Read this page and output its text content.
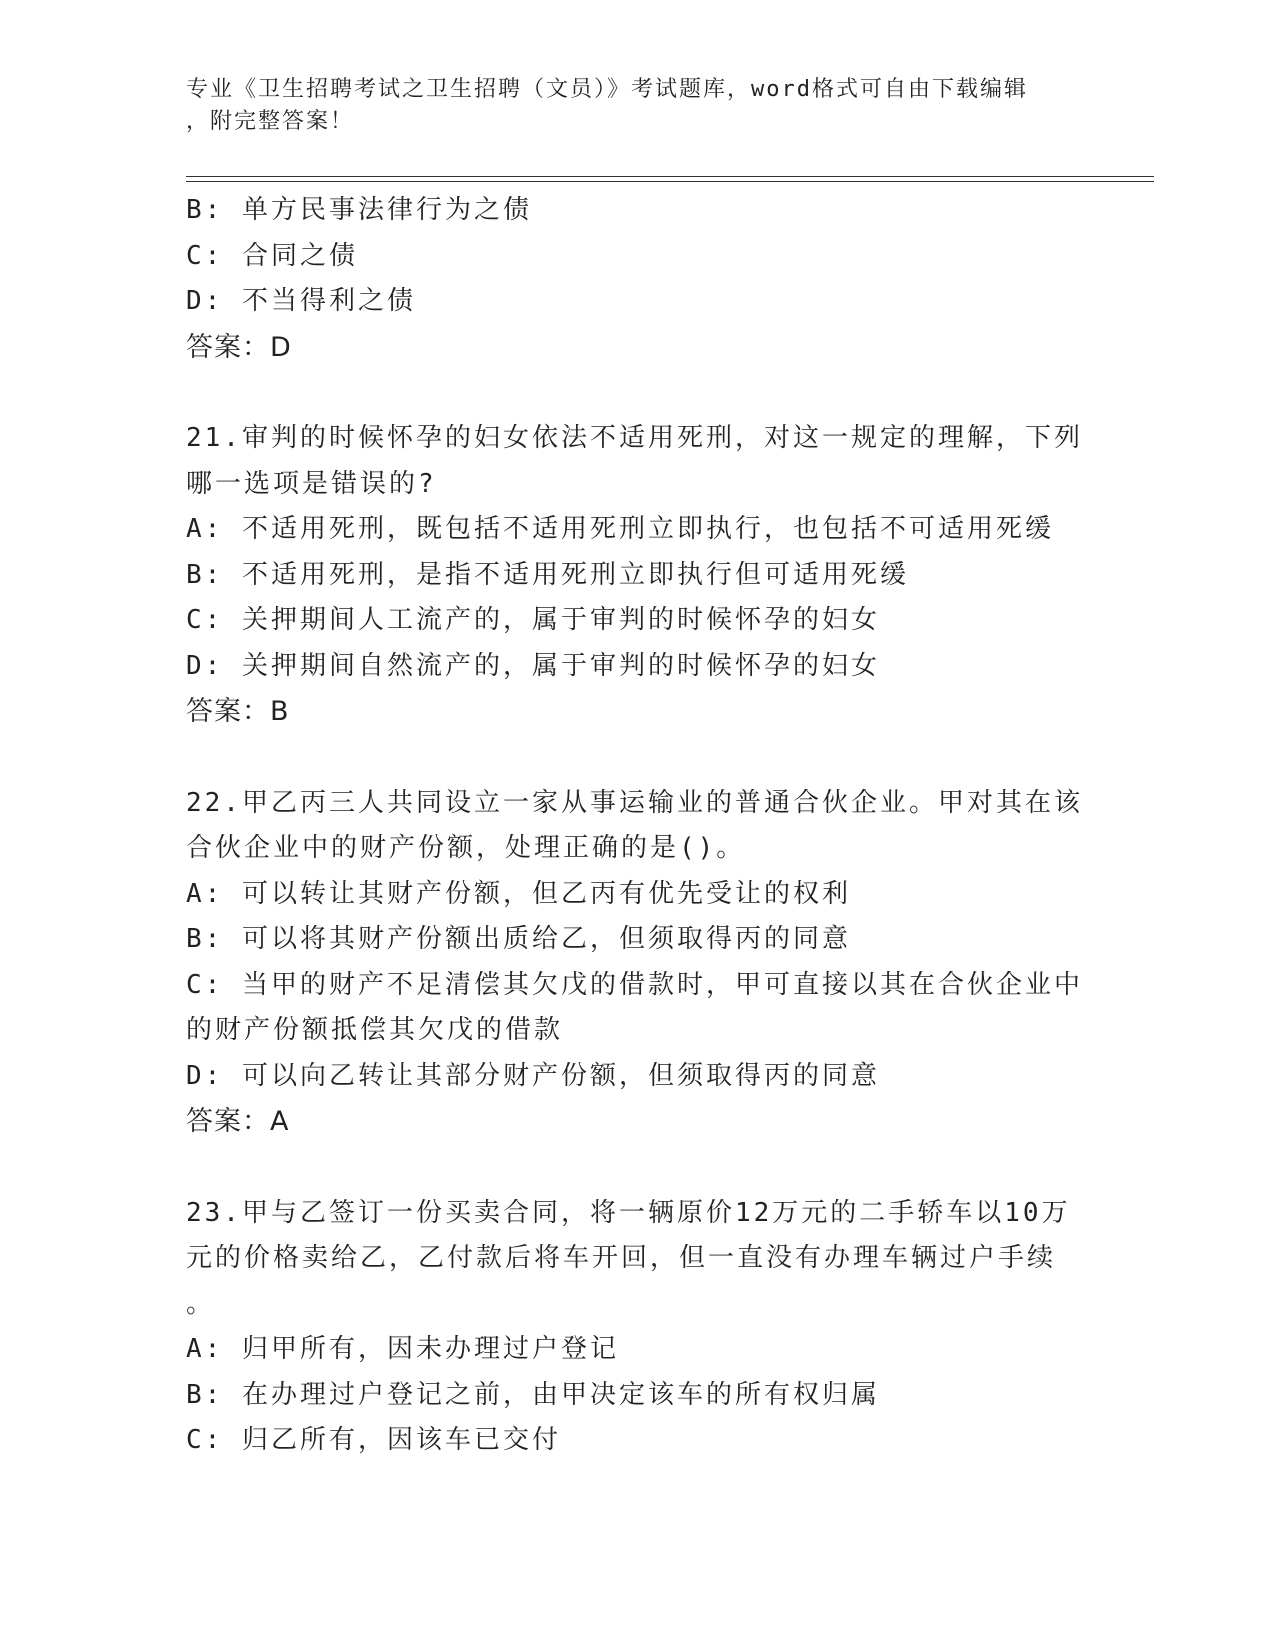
专业《卫生招聘考试之卫生招聘（文员）》考试题库，word格式可自由下载编辑
，附完整答案！
B: 单方民事法律行为之债
C: 合同之债
D: 不当得利之债
答案：D
21.审判的时候怀孕的妇女依法不适用死刑，对这一规定的理解，下列
哪一选项是错误的?
A: 不适用死刑，既包括不适用死刑立即执行，也包括不可适用死缓
B: 不适用死刑，是指不适用死刑立即执行但可适用死缓
C: 关押期间人工流产的，属于审判的时候怀孕的妇女
D: 关押期间自然流产的，属于审判的时候怀孕的妇女
答案：B
22.甲乙丙三人共同设立一家从事运输业的普通合伙企业。甲对其在该
合伙企业中的财产份额，处理正确的是()。
A: 可以转让其财产份额，但乙丙有优先受让的权利
B: 可以将其财产份额出质给乙，但须取得丙的同意
C: 当甲的财产不足清偿其欠戊的借款时，甲可直接以其在合伙企业中
的财产份额抵偿其欠戊的借款
D: 可以向乙转让其部分财产份额，但须取得丙的同意
答案：A
23.甲与乙签订一份买卖合同，将一辆原价12万元的二手轿车以10万
元的价格卖给乙，乙付款后将车开回，但一直没有办理车辆过户手续
。
A: 归甲所有，因未办理过户登记
B: 在办理过户登记之前，由甲决定该车的所有权归属
C: 归乙所有，因该车已交付
